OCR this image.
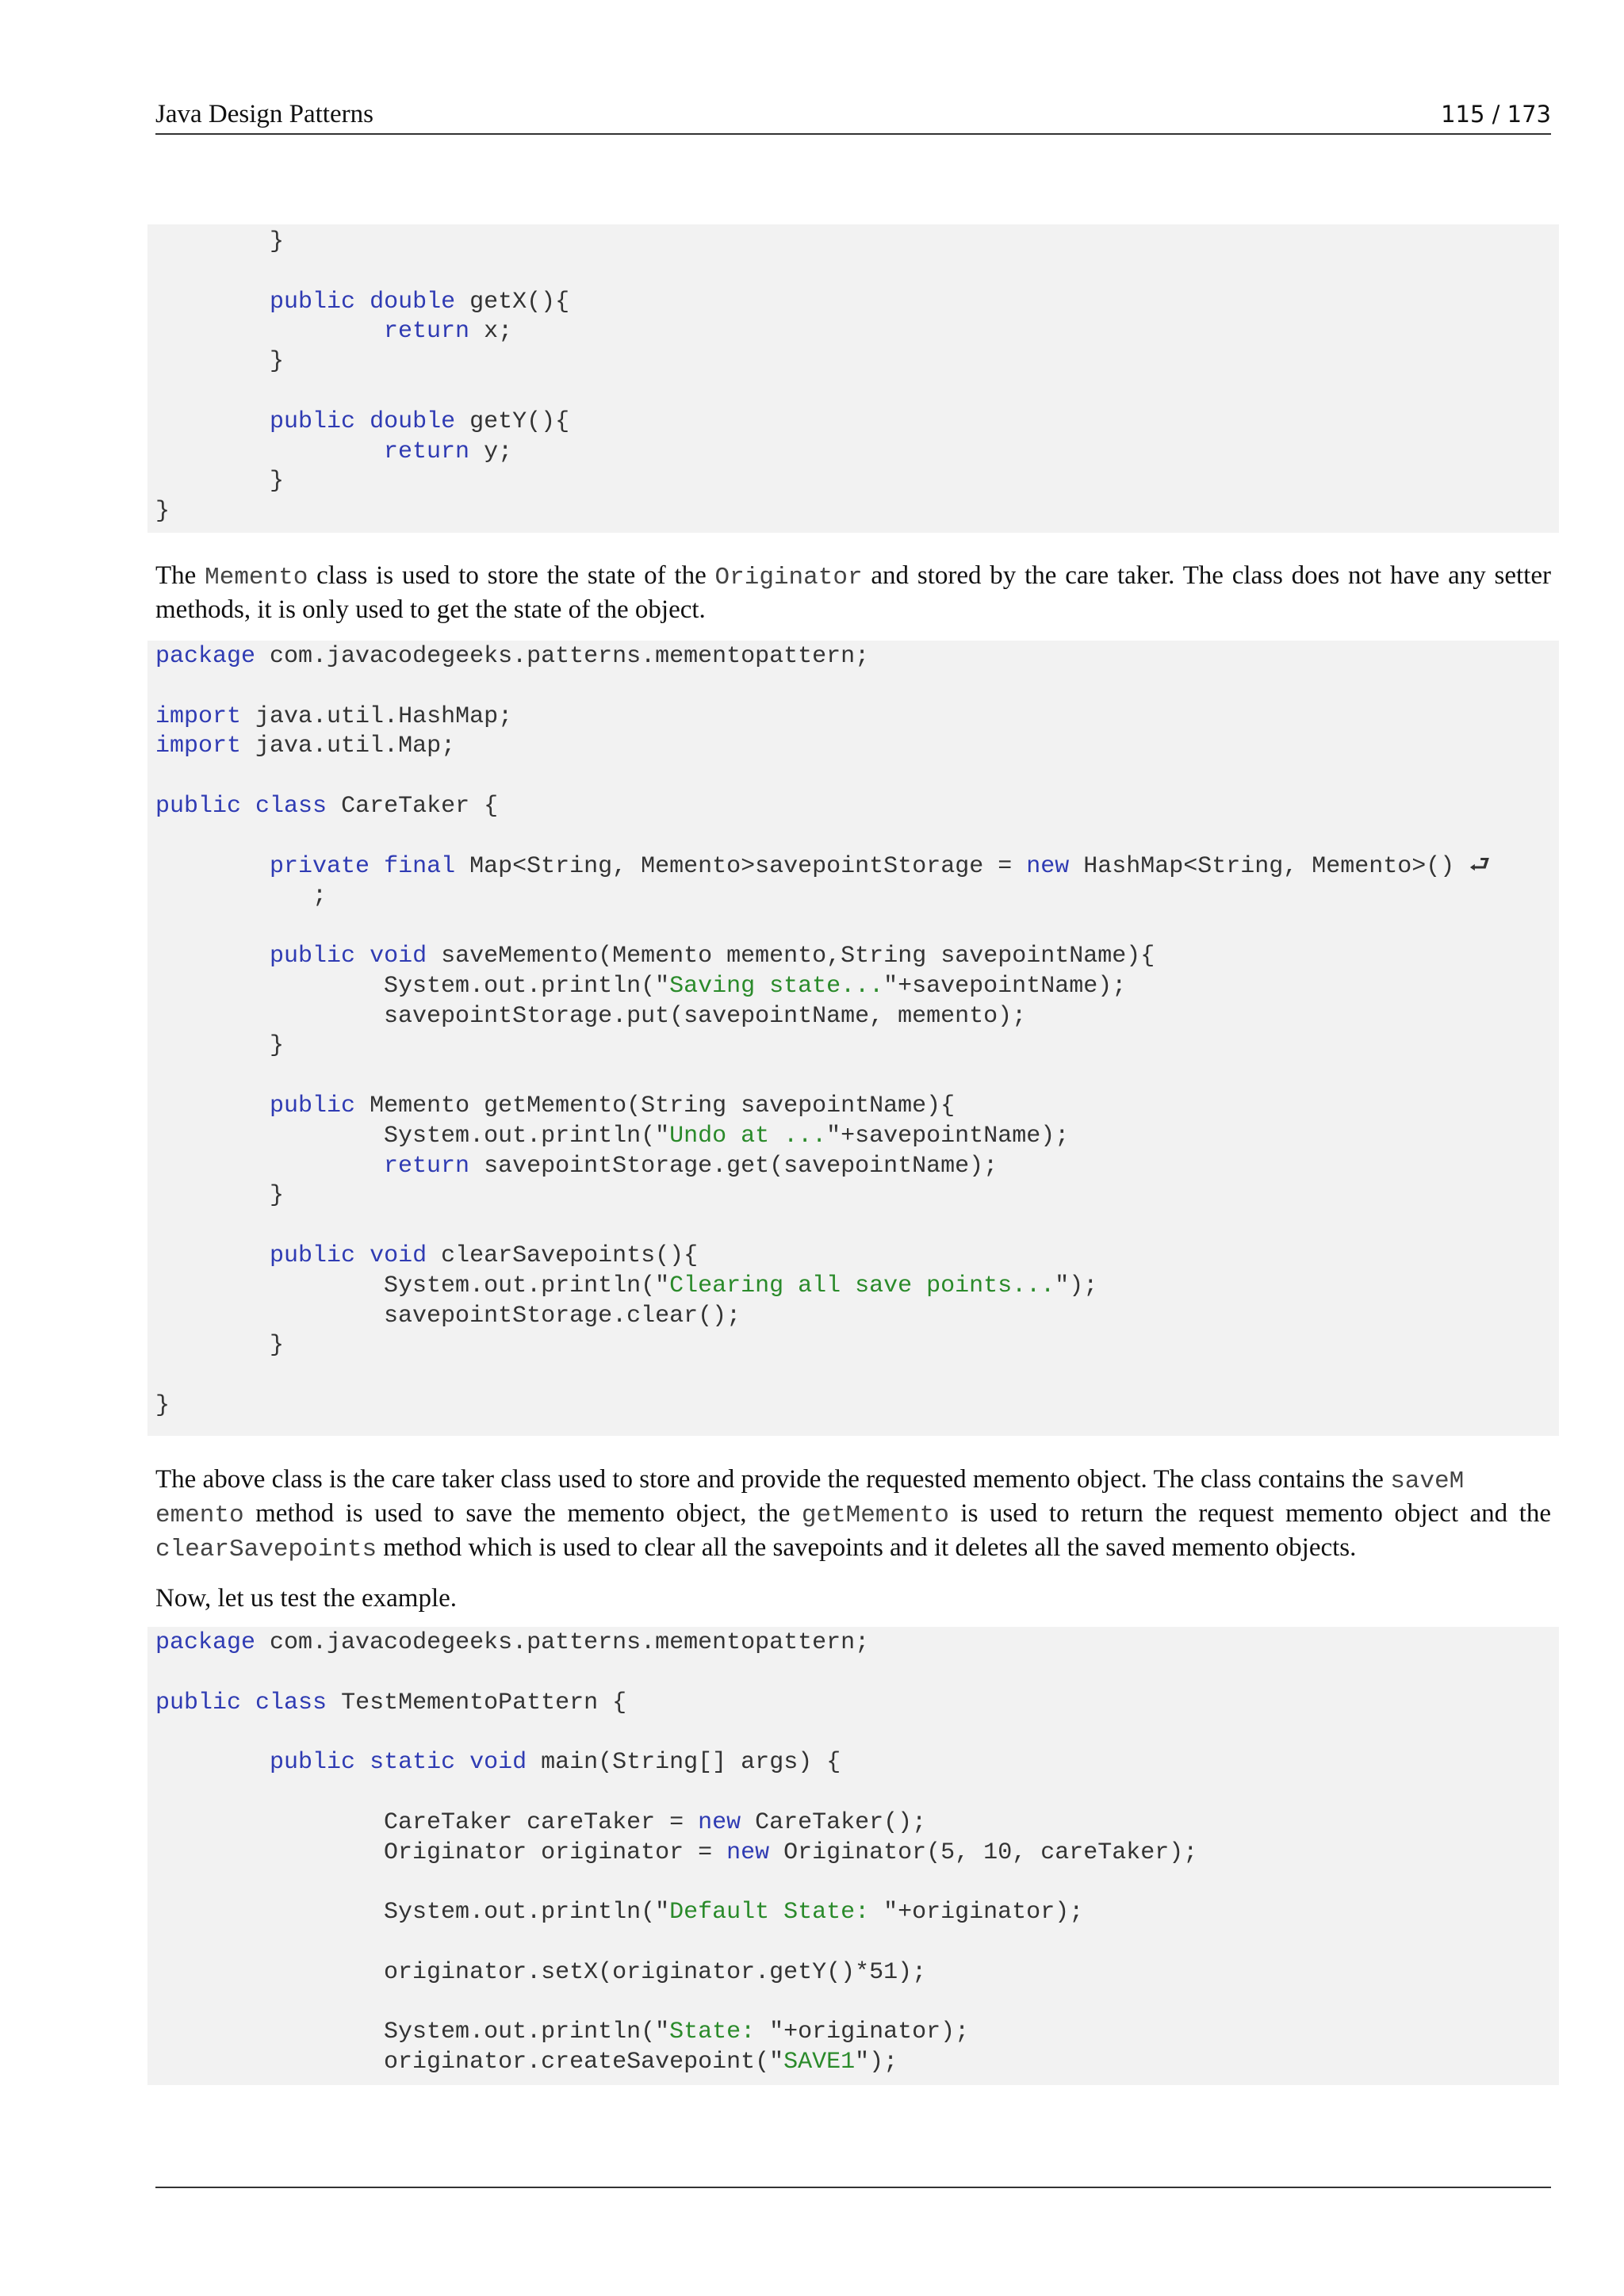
Java Design Patterns	115 / 173
}

public double getX(){
return x;
}

public double getY(){
return y;
}
}

The Memento class is used to store the state of the Originator and stored by the care taker. The class does not have any setter methods, it is only used to get the state of the object.

package com.javacodegeeks.patterns.mementopattern;

import java.util.HashMap;
import java.util.Map;

public class CareTaker {

private final Map<String, Memento>savepointStorage = new HashMap<String, Memento>() ⮐
;

public void saveMemento(Memento memento,String savepointName){
System.out.println("Saving state..."+savepointName);
savepointStorage.put(savepointName, memento);
}

public Memento getMemento(String savepointName){
System.out.println("Undo at ..."+savepointName);
return savepointStorage.get(savepointName);
}

public void clearSavepoints(){
System.out.println("Clearing all save points...");
savepointStorage.clear();
}

}

The above class is the care taker class used to store and provide the requested memento object. The class contains the saveM
emento method is used to save the memento object, the getMemento is used to return the request memento object and the clearSavepoints method which is used to clear all the savepoints and it deletes all the saved memento objects.

Now, let us test the example.

package com.javacodegeeks.patterns.mementopattern;

public class TestMementoPattern {

public static void main(String[] args) {

CareTaker careTaker = new CareTaker();
Originator originator = new Originator(5, 10, careTaker);

System.out.println("Default State: "+originator);

originator.setX(originator.getY()*51);

System.out.println("State: "+originator);
originator.createSavepoint("SAVE1");
